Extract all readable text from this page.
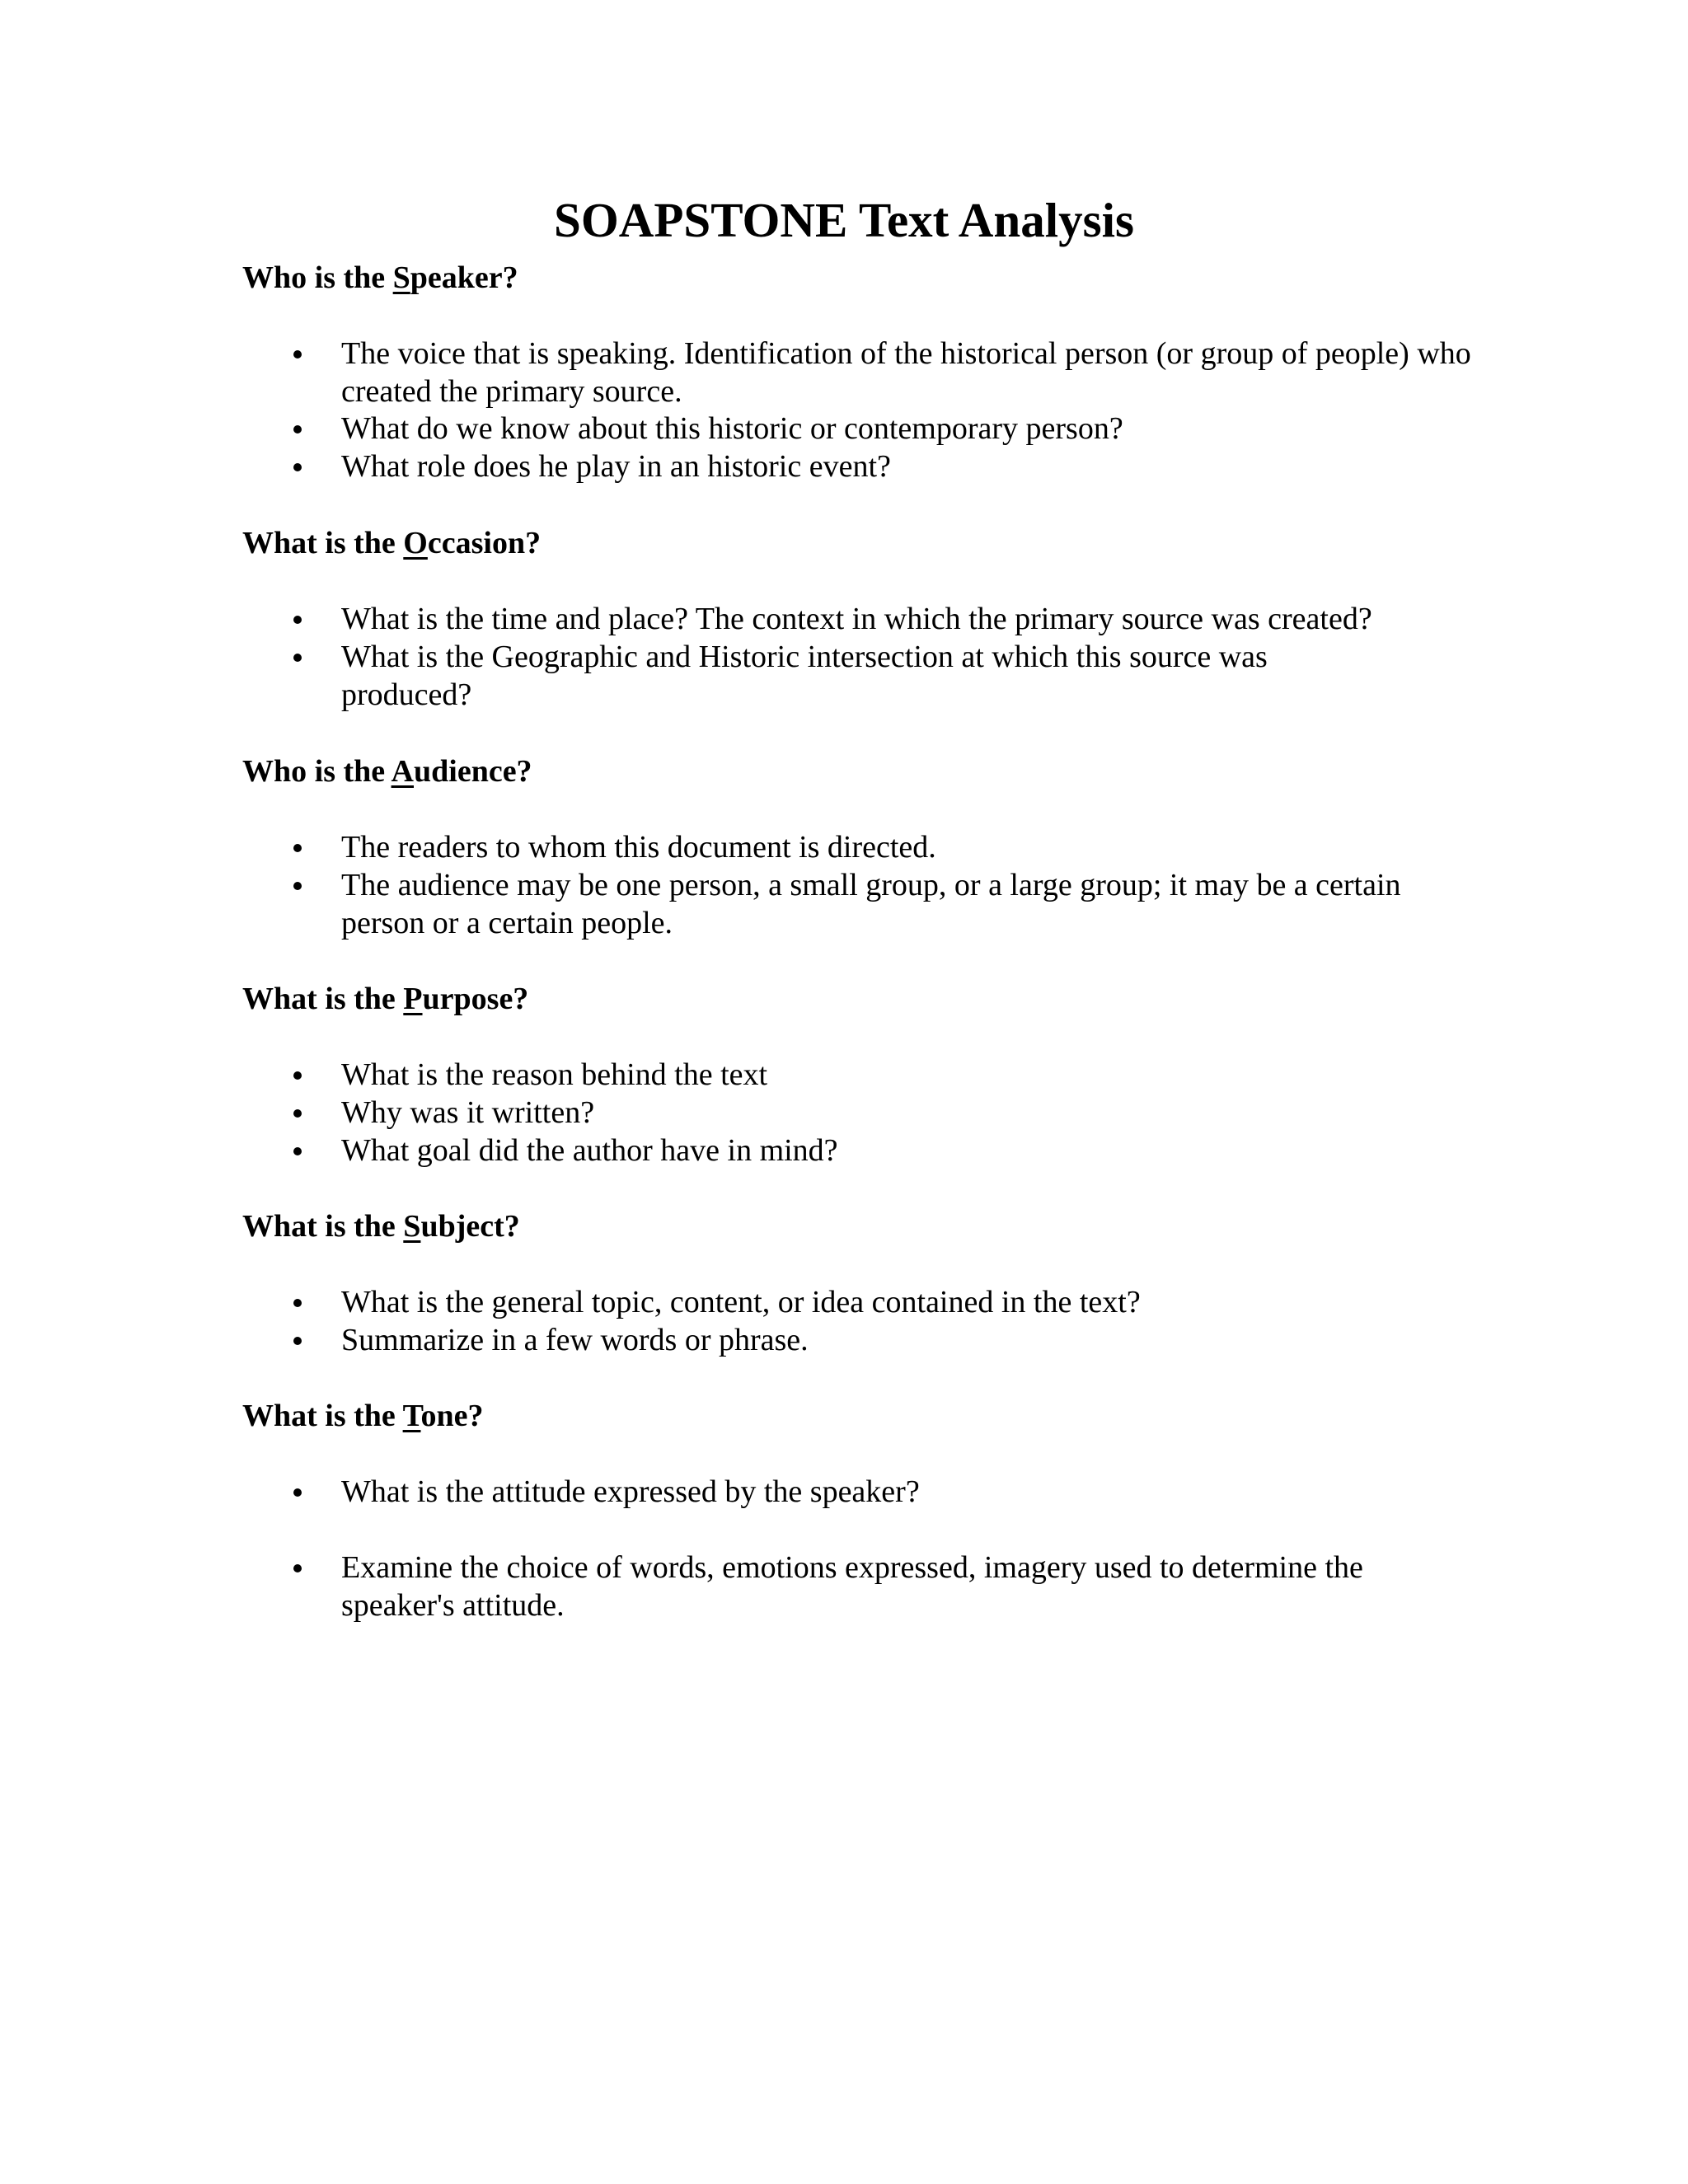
SOAPSTONE Text Analysis
Who is the Speaker?

The voice that is speaking. Identification of the historical person (or group of people) who created the primary source.

What do we know about this historic or contemporary person?

What role does he play in an historic event?

What is the Occasion?

What is the time and place? The context in which the primary source was created?

What is the Geographic and Historic intersection at which this source was produced?

Who is the Audience?

The readers to whom this document is directed.

The audience may be one person, a small group, or a large group; it may be a certain person or a certain people.

What is the Purpose?

What is the reason behind the text

Why was it written?

What goal did the author have in mind?

What is the Subject?

What is the general topic, content, or idea contained in the text?

Summarize in a few words or phrase.

What is the Tone?

What is the attitude expressed by the speaker?

Examine the choice of words, emotions expressed, imagery used to determine the speaker's attitude.
